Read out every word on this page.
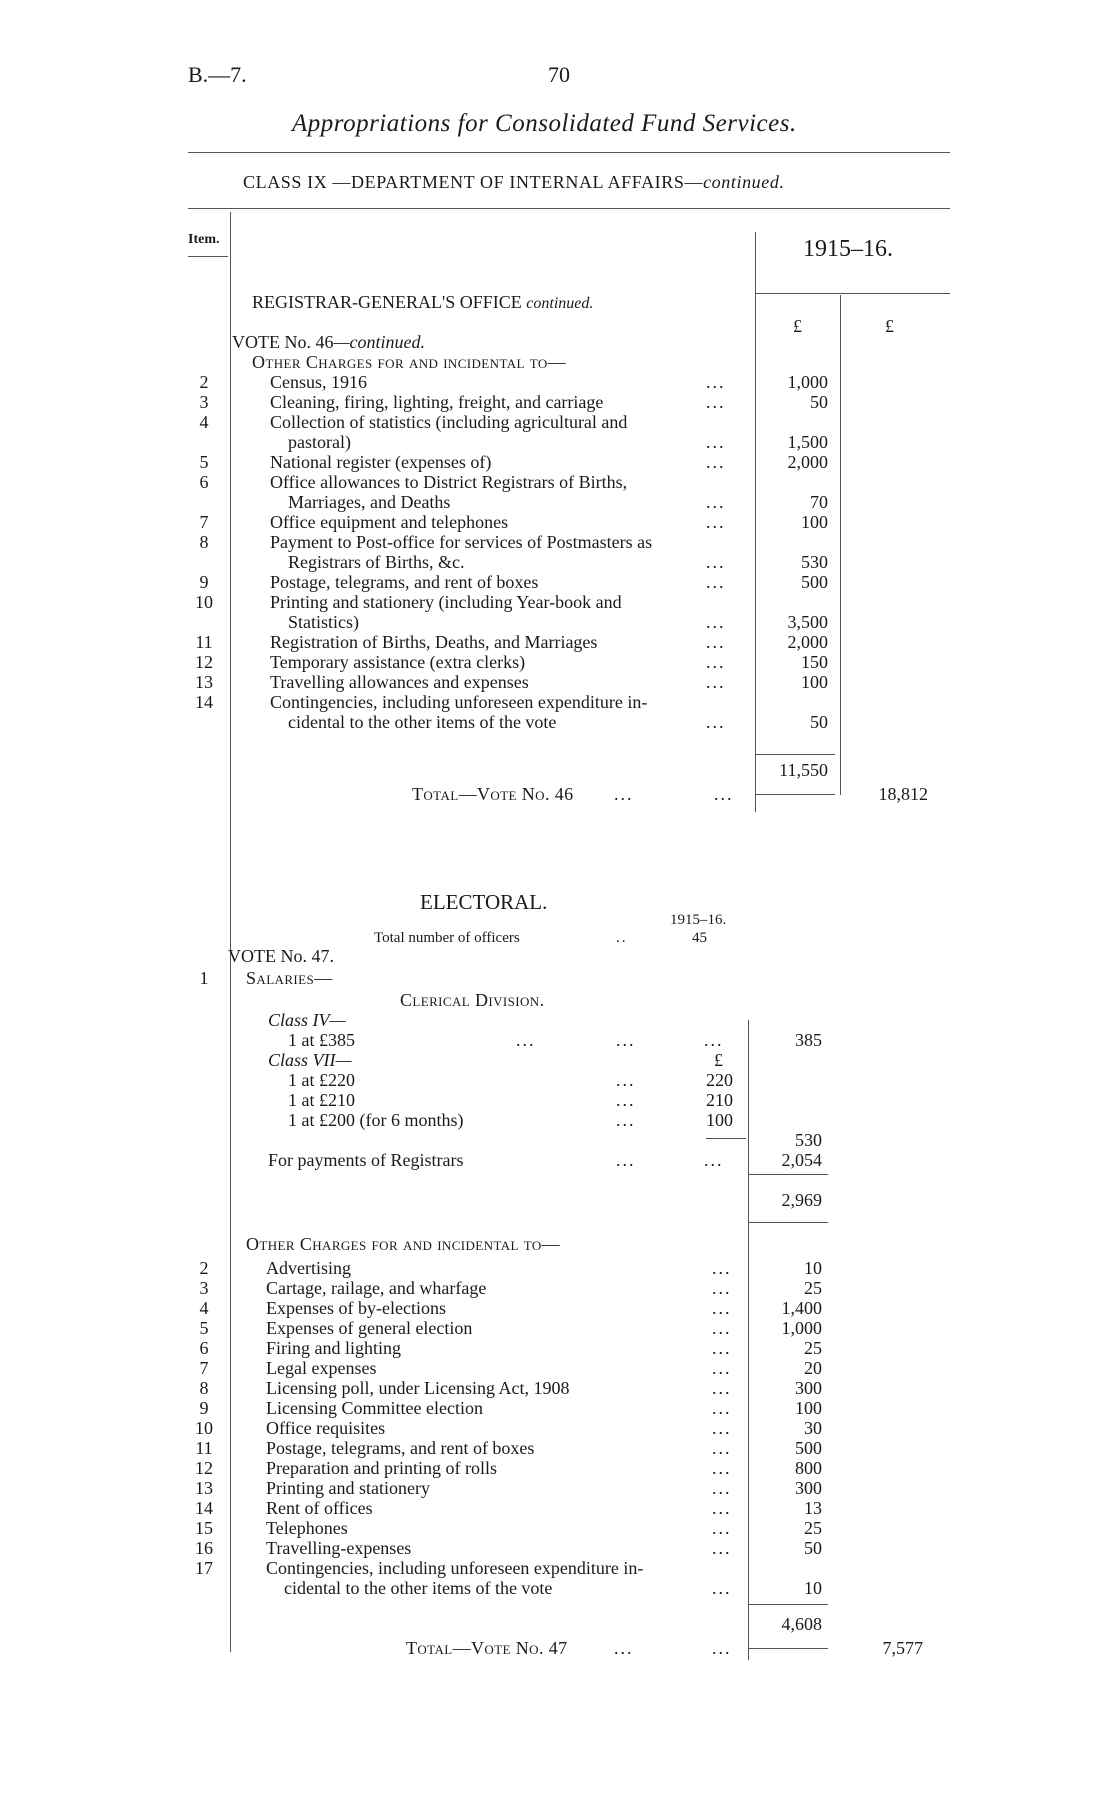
B.—7.	70
Appropriations for Consolidated Fund Services.
CLASS IX —DEPARTMENT OF INTERNAL AFFAIRS—continued.
Item.	1915–16.
£	£
REGISTRAR-GENERAL'S OFFICE continued.
VOTE No. 46—continued.
Other Charges for and incidental to—
2	Census, 1916	...	1,000
3	Cleaning, firing, lighting, freight, and carriage	...	50
4	Collection of statistics (including agricultural and
pastoral)	...	1,500
5	National register (expenses of)	...	2,000
6	Office allowances to District Registrars of Births,
Marriages, and Deaths	...	70
7	Office equipment and telephones	...	100
8	Payment to Post-office for services of Postmasters as
Registrars of Births, &c.	...	530
9	Postage, telegrams, and rent of boxes	...	500
10	Printing and stationery (including Year-book and
Statistics)	...	3,500
11	Registration of Births, Deaths, and Marriages	...	2,000
12	Temporary assistance (extra clerks)	...	150
13	Travelling allowances and expenses	...	100
14	Contingencies, including unforeseen expenditure in-
cidental to the other items of the vote	...	50
11,550
Total—Vote No. 46 ...	...	18,812
ELECTORAL.
1915–16.
Total number of officers	..	45
VOTE No. 47.
1	Salaries—
Clerical Division.
Class IV—
1 at £385	...	...	...	385
Class VII—	£
1 at £220	...	220
1 at £210	...	210
1 at £200 (for 6 months)	...	100
530
For payments of Registrars	...	...	2,054
2,969
Other Charges for and incidental to—
2	Advertising	...	10
3	Cartage, railage, and wharfage	...	25
4	Expenses of by-elections	...	1,400
5	Expenses of general election	...	1,000
6	Firing and lighting	...	25
7	Legal expenses	...	20
8	Licensing poll, under Licensing Act, 1908	...	300
9	Licensing Committee election	...	100
10	Office requisites	...	30
11	Postage, telegrams, and rent of boxes	...	500
12	Preparation and printing of rolls	...	800
13	Printing and stationery	...	300
14	Rent of offices	...	13
15	Telephones	...	25
16	Travelling-expenses	...	50
17	Contingencies, including unforeseen expenditure in-
cidental to the other items of the vote	...	10
4,608
Total—Vote No. 47	...	...	7,577
